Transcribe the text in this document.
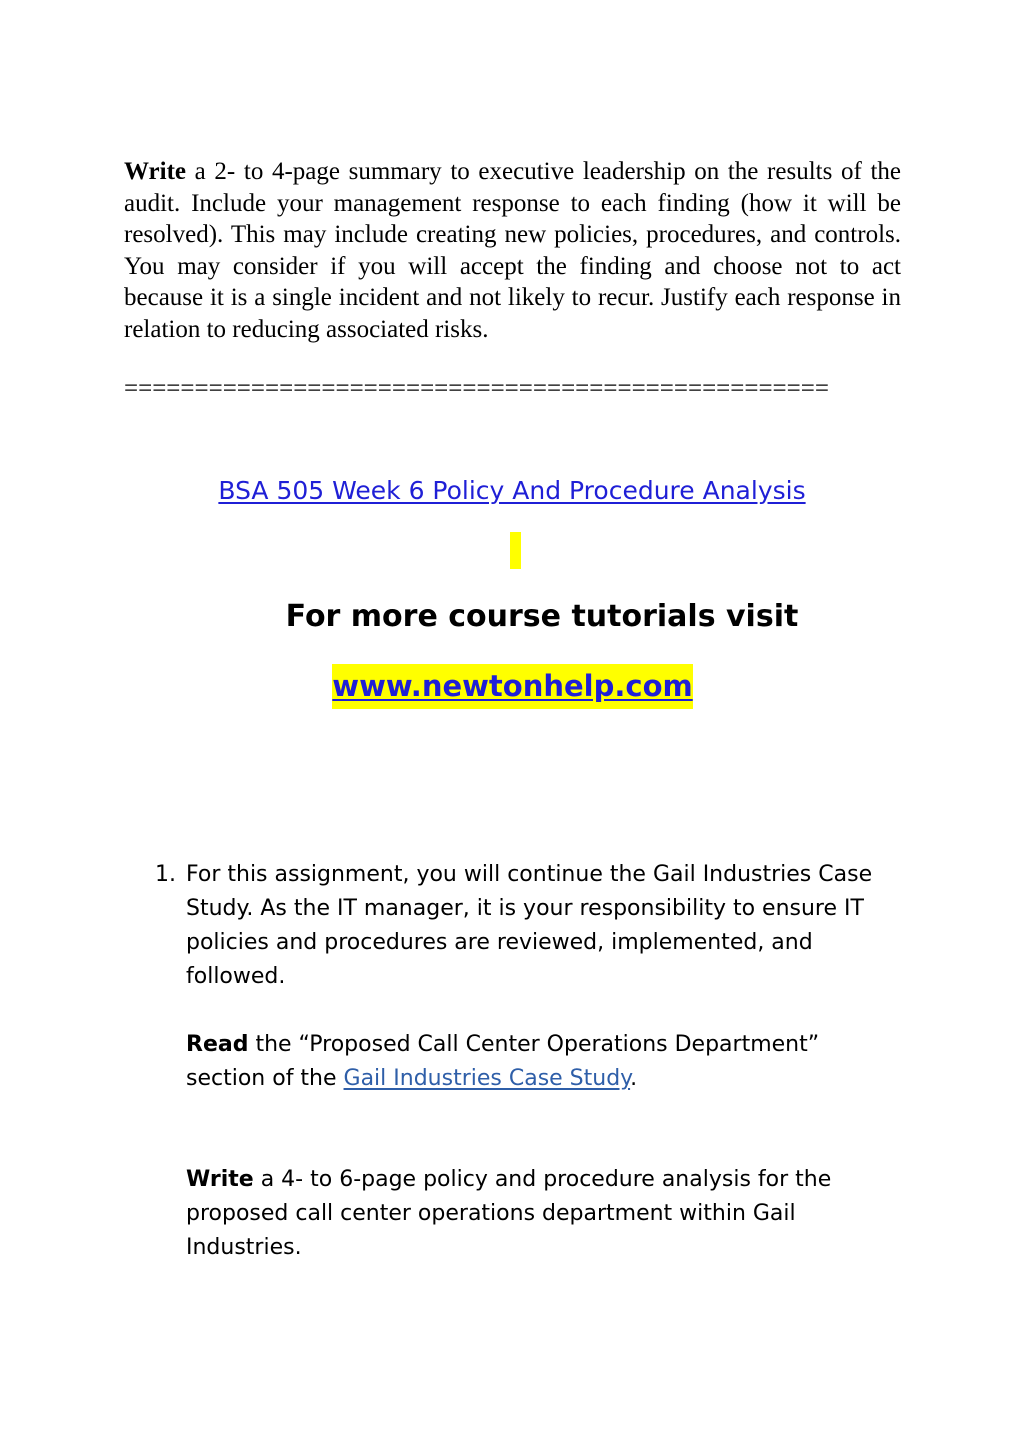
Write a 2- to 4-page summary to executive leadership on the results of the audit. Include your management response to each finding (how it will be resolved). This may include creating new policies, procedures, and controls. You may consider if you will accept the finding and choose not to act because it is a single incident and not likely to recur. Justify each response in relation to reducing associated risks.
==================================================
BSA 505 Week 6 Policy And Procedure Analysis
For more course tutorials visit
www.newtonhelp.com
1. For this assignment, you will continue the Gail Industries Case Study. As the IT manager, it is your responsibility to ensure IT policies and procedures are reviewed, implemented, and followed.

Read the “Proposed Call Center Operations Department” section of the Gail Industries Case Study.

Write a 4- to 6-page policy and procedure analysis for the proposed call center operations department within Gail Industries.
